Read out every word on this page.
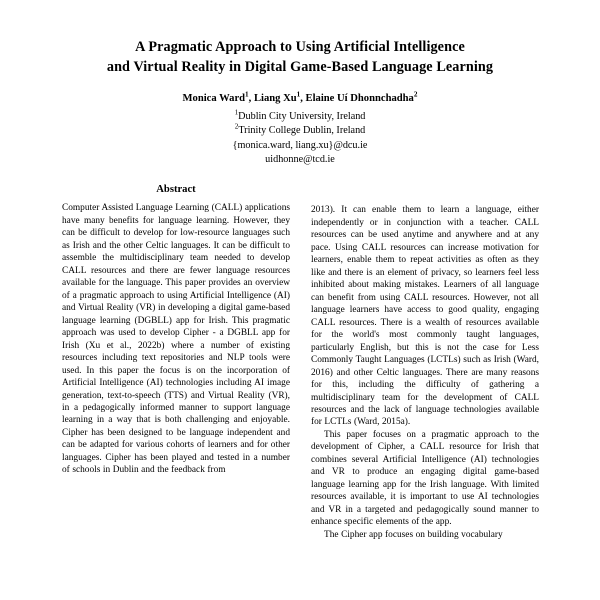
A Pragmatic Approach to Using Artificial Intelligence
and Virtual Reality in Digital Game-Based Language Learning
Monica Ward$^1$, Liang Xu$^1$, Elaine Uí Dhonnchadha$^2$
$^1$Dublin City University, Ireland
$^2$Trinity College Dublin, Ireland
{monica.ward, liang.xu}@dcu.ie
uidhonne@tcd.ie
Abstract

Computer Assisted Language Learning (CALL) applications have many benefits for language learning. However, they can be difficult to develop for low-resource languages such as Irish and the other Celtic languages. It can be difficult to assemble the multidisciplinary team needed to develop CALL resources and there are fewer language resources available for the language. This paper provides an overview of a pragmatic approach to using Artificial Intelligence (AI) and Virtual Reality (VR) in developing a digital game-based language learning (DGBLL) app for Irish. This pragmatic approach was used to develop Cipher - a DGBLL app for Irish (Xu et al., 2022b) where a number of existing resources including text repositories and NLP tools were used. In this paper the focus is on the incorporation of Artificial Intelligence (AI) technologies including AI image generation, text-to-speech (TTS) and Virtual Reality (VR), in a pedagogically informed manner to support language learning in a way that is both challenging and enjoyable. Cipher has been designed to be language independent and can be adapted for various cohorts of learners and for other languages. Cipher has been played and tested in a number of schools in Dublin and the feedback from

2013). It can enable them to learn a language, either independently or in conjunction with a teacher. CALL resources can be used anytime and anywhere and at any pace. Using CALL resources can increase motivation for learners, enable them to repeat activities as often as they like and there is an element of privacy, so learners feel less inhibited about making mistakes. Learners of all language can benefit from using CALL resources. However, not all language learners have access to good quality, engaging CALL resources. There is a wealth of resources available for the world's most commonly taught languages, particularly English, but this is not the case for Less Commonly Taught Languages (LCTLs) such as Irish (Ward, 2016) and other Celtic languages. There are many reasons for this, including the difficulty of gathering a multidisciplinary team for the development of CALL resources and the lack of language technologies available for LCTLs (Ward, 2015a).

This paper focuses on a pragmatic approach to the development of Cipher, a CALL resource for Irish that combines several Artificial Intelligence (AI) technologies and VR to produce an engaging digital game-based language learning app for the Irish language. With limited resources available, it is important to use AI technologies and VR in a targeted and pedagogically sound manner to enhance specific elements of the app.

The Cipher app focuses on building vocabulary
